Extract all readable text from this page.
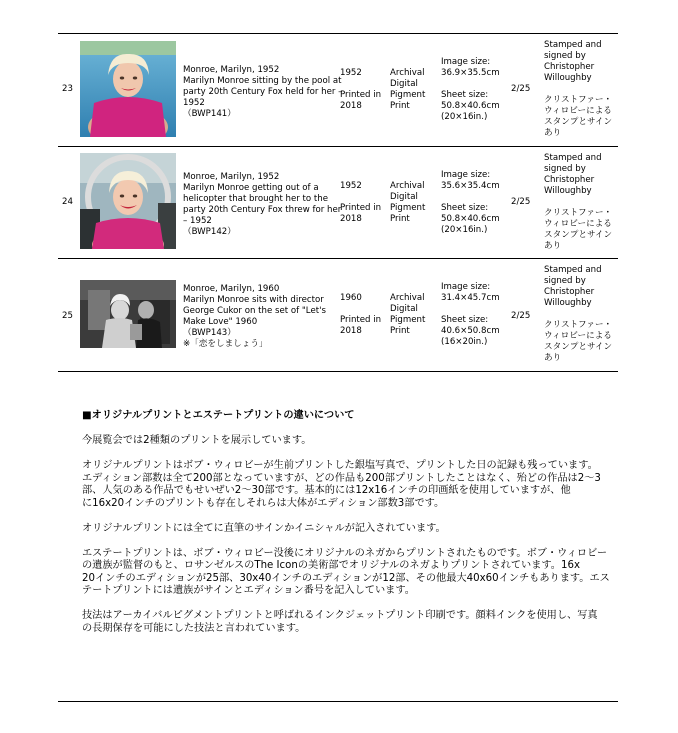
23
Monroe, Marilyn, 1952
Marilyn Monroe sitting by the pool at
party 20th Century Fox held for her –
1952
（BWP141）
1952
Printed in
2018
Archival
Digital
Pigment
Print
Image size:
36.9×35.5cm
Sheet size:
50.8×40.6cm
(20×16in.)
2/25
Stamped and
signed by
Christopher
Willoughby
クリストファー・
ウィロビーによる
スタンプとサイン
あり
24
Monroe, Marilyn, 1952
Marilyn Monroe getting out of a
helicopter that brought her to the
party 20th Century Fox threw for her
– 1952
（BWP142）
1952
Printed in
2018
Archival
Digital
Pigment
Print
Image size:
35.6×35.4cm
Sheet size:
50.8×40.6cm
(20×16in.)
2/25
Stamped and
signed by
Christopher
Willoughby
クリストファー・
ウィロビーによる
スタンプとサイン
あり
25
Monroe, Marilyn, 1960
Marilyn Monroe sits with director
George Cukor on the set of "Let's
Make Love" 1960
（BWP143）
※「恋をしましょう」
1960
Printed in
2018
Archival
Digital
Pigment
Print
Image size:
31.4×45.7cm
Sheet size:
40.6×50.8cm
(16×20in.)
2/25
Stamped and
signed by
Christopher
Willoughby
クリストファー・
ウィロビーによる
スタンプとサイン
あり

■オリジナルプリントとエステートプリントの違いについて

今展覧会では2種類のプリントを展示しています。

オリジナルプリントはボブ・ウィロビーが生前プリントした銀塩写真で、プリントした日の記録も残っています。
エディション部数は全て200部となっていますが、どの作品も200部プリントしたことはなく、殆どの作品は2～3
部、人気のある作品でもせいぜい2～30部です。基本的には12x16インチの印画紙を使用していますが、他
に16x20インチのプリントも存在しそれらは大体がエディション部数3部です。

オリジナルプリントには全てに直筆のサインかイニシャルが記入されています。

エステートプリントは、ボブ・ウィロビー没後にオリジナルのネガからプリントされたものです。ボブ・ウィロビー
の遺族が監督のもと、ロサンゼルスのThe Iconの美術部でオリジナルのネガよりプリントされています。16x
20インチのエディションが25部、30x40インチのエディションが12部、その他最大40x60インチもあります。エス
テートプリントには遺族がサインとエディション番号を記入しています。

技法はアーカイバルピグメントプリントと呼ばれるインクジェットプリント印刷です。顔料インクを使用し、写真
の長期保存を可能にした技法と言われています。
